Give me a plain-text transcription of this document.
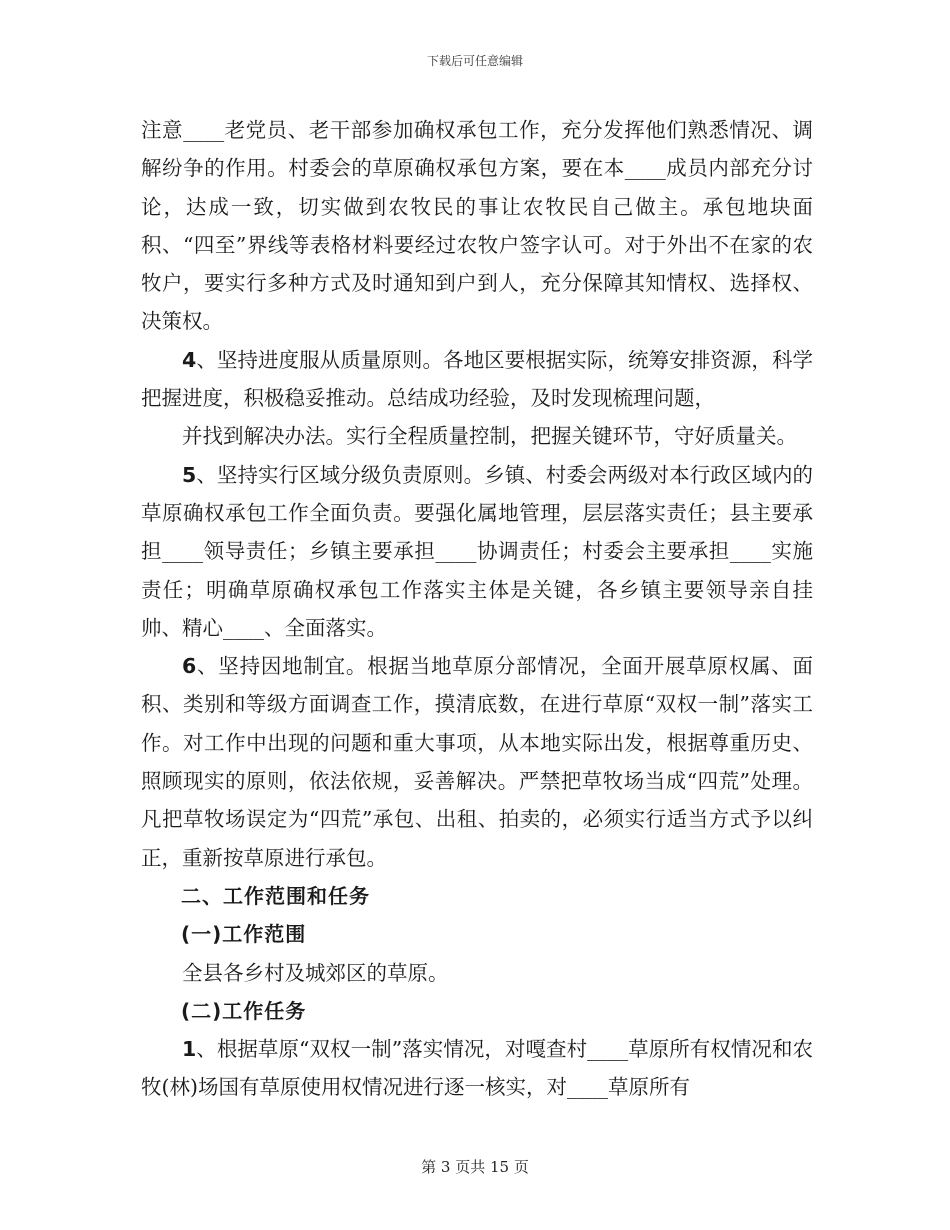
下载后可任意编辑

注意____老党员、老干部参加确权承包工作，充分发挥他们熟悉情况、调解纷争的作用。村委会的草原确权承包方案，要在本____成员内部充分讨论，达成一致，切实做到农牧民的事让农牧民自己做主。承包地块面积、“四至”界线等表格材料要经过农牧户签字认可。对于外出不在家的农牧户，要实行多种方式及时通知到户到人，充分保障其知情权、选择权、决策权。

4、坚持进度服从质量原则。各地区要根据实际，统筹安排资源，科学把握进度，积极稳妥推动。总结成功经验，及时发现梳理问题，

并找到解决办法。实行全程质量控制，把握关键环节，守好质量关。

5、坚持实行区域分级负责原则。乡镇、村委会两级对本行政区域内的草原确权承包工作全面负责。要强化属地管理，层层落实责任；县主要承担____领导责任；乡镇主要承担____协调责任；村委会主要承担____实施责任；明确草原确权承包工作落实主体是关键，各乡镇主要领导亲自挂帅、精心____、全面落实。

6、坚持因地制宜。根据当地草原分部情况，全面开展草原权属、面积、类别和等级方面调查工作，摸清底数，在进行草原“双权一制”落实工作。对工作中出现的问题和重大事项，从本地实际出发，根据尊重历史、照顾现实的原则，依法依规，妥善解决。严禁把草牧场当成“四荒”处理。凡把草牧场误定为“四荒”承包、出租、拍卖的，必须实行适当方式予以纠正，重新按草原进行承包。

二、工作范围和任务

(一)工作范围

全县各乡村及城郊区的草原。

(二)工作任务

1、根据草原“双权一制”落实情况，对嘎查村____草原所有权情况和农牧(林)场国有草原使用权情况进行逐一核实，对____草原所有

第 3 页共 15 页
